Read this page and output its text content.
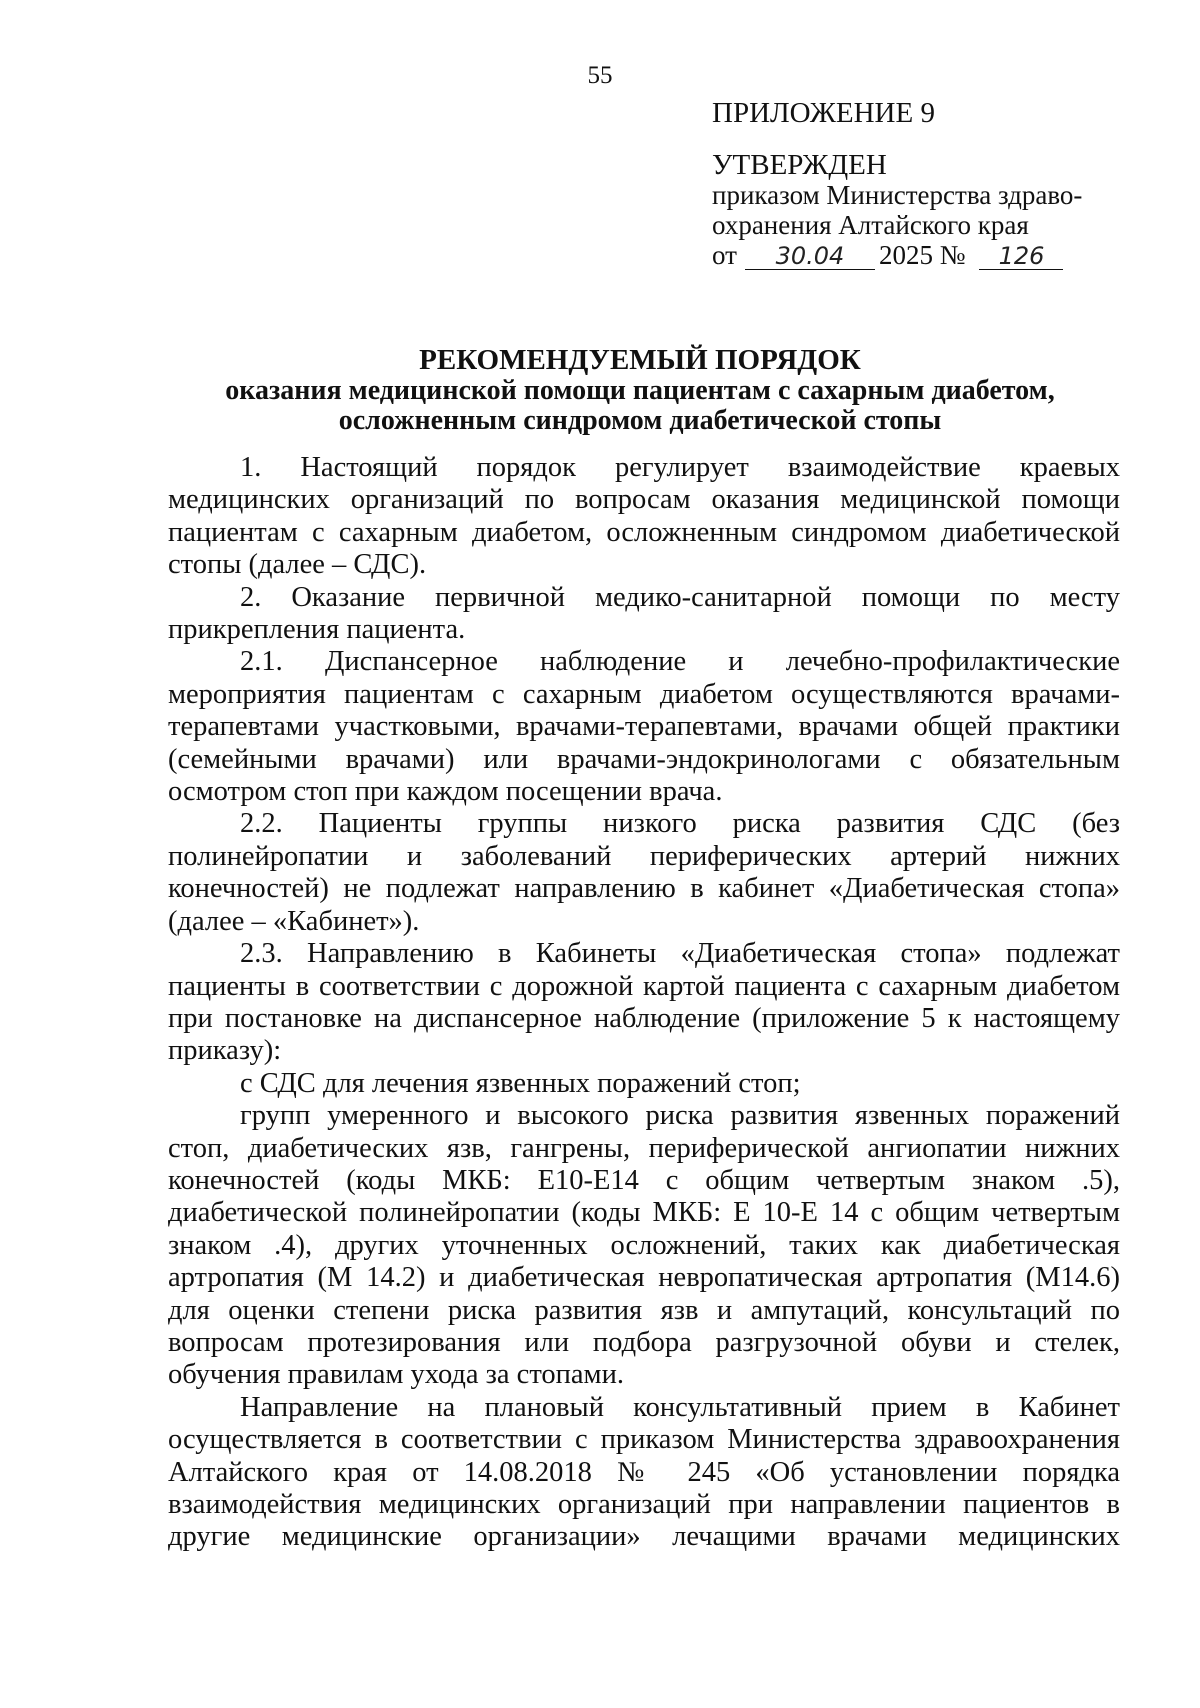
55
ПРИЛОЖЕНИЕ 9
УТВЕРЖДЕН
приказом Министерства здраво-
охранения Алтайского края
от	30.04	2025 №	126
РЕКОМЕНДУЕМЫЙ ПОРЯДОК
оказания медицинской помощи пациентам с сахарным диабетом,
осложненным синдромом диабетической стопы

1. Настоящий порядок регулирует взаимодействие краевых медицинских организаций по вопросам оказания медицинской помощи пациентам с сахарным диабетом, осложненным синдромом диабетической стопы (далее – СДС).

2. Оказание первичной медико-санитарной помощи по месту прикрепления пациента.

2.1. Диспансерное наблюдение и лечебно-профилактические мероприятия пациентам с сахарным диабетом осуществляются врачами-терапевтами участковыми, врачами-терапевтами, врачами общей практики (семейными врачами) или врачами-эндокринологами с обязательным осмотром стоп при каждом посещении врача.

2.2. Пациенты группы низкого риска развития СДС (без полинейропатии и заболеваний периферических артерий нижних конечностей) не подлежат направлению в кабинет «Диабетическая стопа» (далее – «Кабинет»).

2.3. Направлению в Кабинеты «Диабетическая стопа» подлежат пациенты в соответствии с дорожной картой пациента с сахарным диабетом при постановке на диспансерное наблюдение (приложение 5 к настоящему приказу):

с СДС для лечения язвенных поражений стоп;

групп умеренного и высокого риска развития язвенных поражений стоп, диабетических язв, гангрены, периферической ангиопатии нижних конечностей (коды МКБ: Е10-Е14 с общим четвертым знаком .5), диабетической полинейропатии (коды МКБ: Е 10-Е 14 с общим четвертым знаком .4), других уточненных осложнений, таких как диабетическая артропатия (М 14.2) и диабетическая невропатическая артропатия (М14.6) для оценки степени риска развития язв и ампутаций, консультаций по вопросам протезирования или подбора разгрузочной обуви и стелек, обучения правилам ухода за стопами.

Направление на плановый консультативный прием в Кабинет осуществляется в соответствии с приказом Министерства здравоохранения Алтайского края от 14.08.2018 № 245 «Об установлении порядка взаимодействия медицинских организаций при направлении пациентов в другие медицинские организации» лечащими врачами медицинских
